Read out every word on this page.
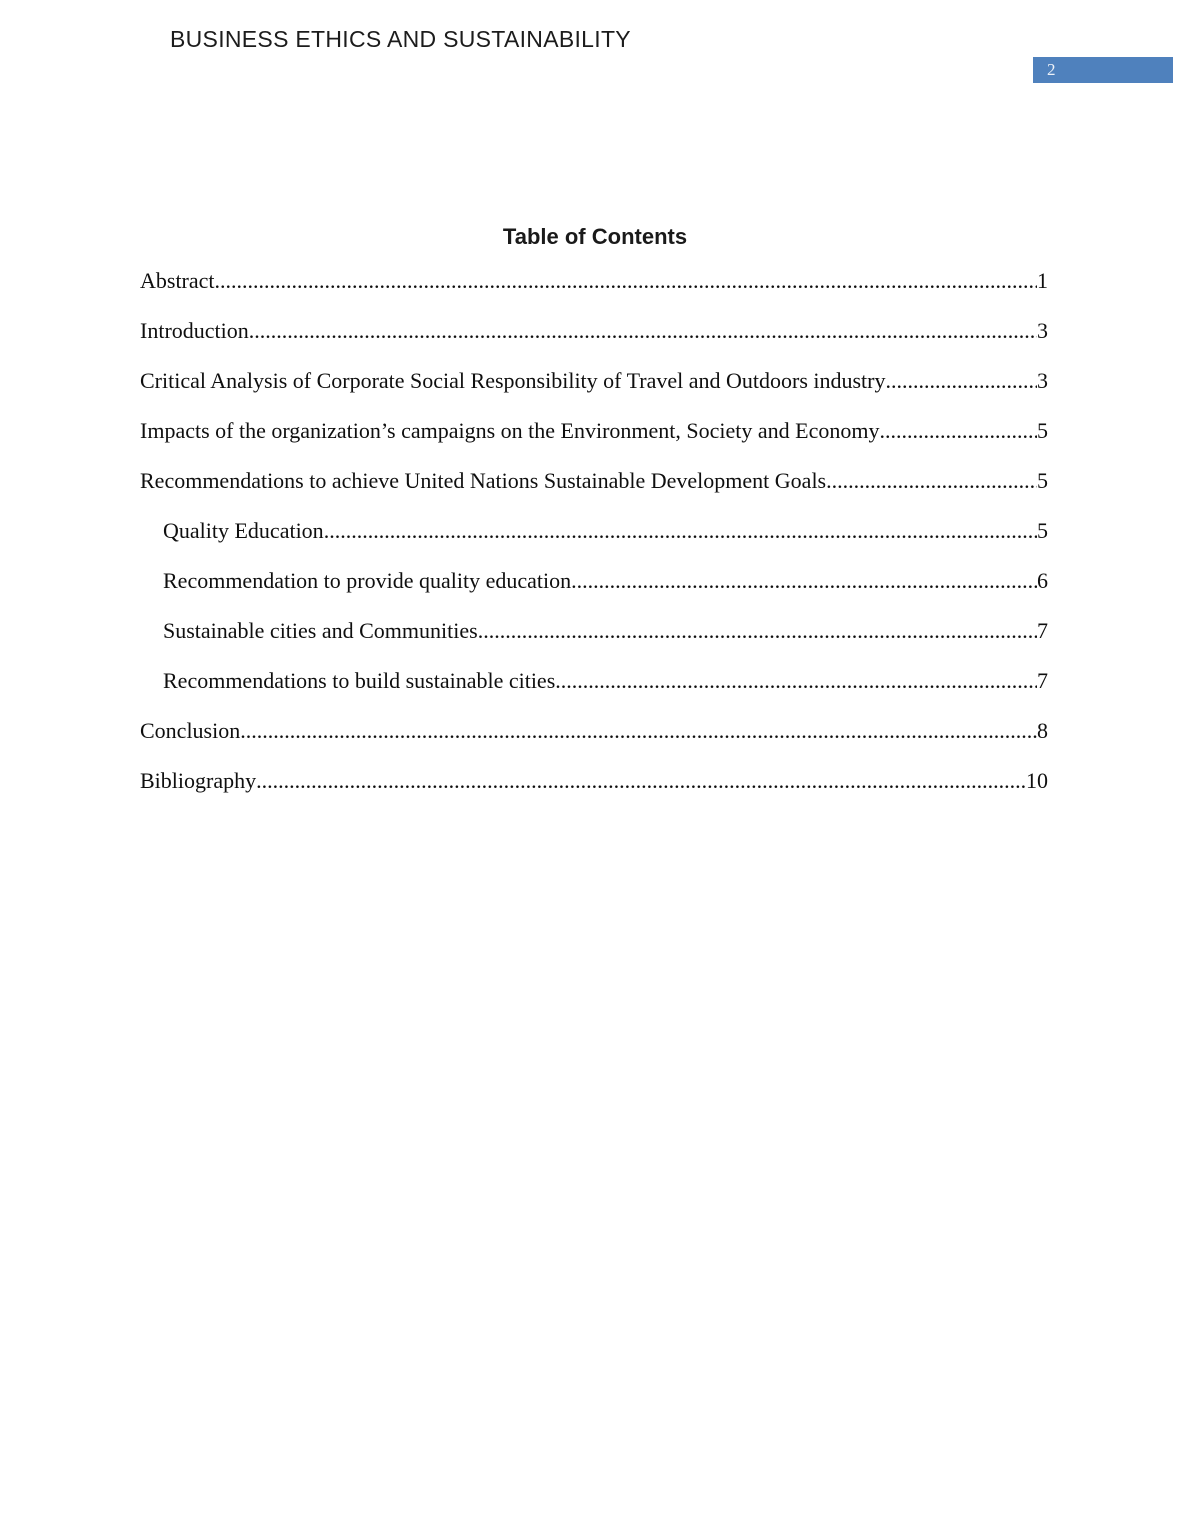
BUSINESS ETHICS AND SUSTAINABILITY
2
Table of Contents
Abstract .....	1
Introduction .....	3
Critical Analysis of Corporate Social Responsibility of Travel and Outdoors industry .....	3
Impacts of the organization’s campaigns on the Environment, Society and Economy .....	5
Recommendations to achieve United Nations Sustainable Development Goals .....	5
Quality Education .....	5
Recommendation to provide quality education .....	6
Sustainable cities and Communities .....	7
Recommendations to build sustainable cities .....	7
Conclusion .....	8
Bibliography .....	10
